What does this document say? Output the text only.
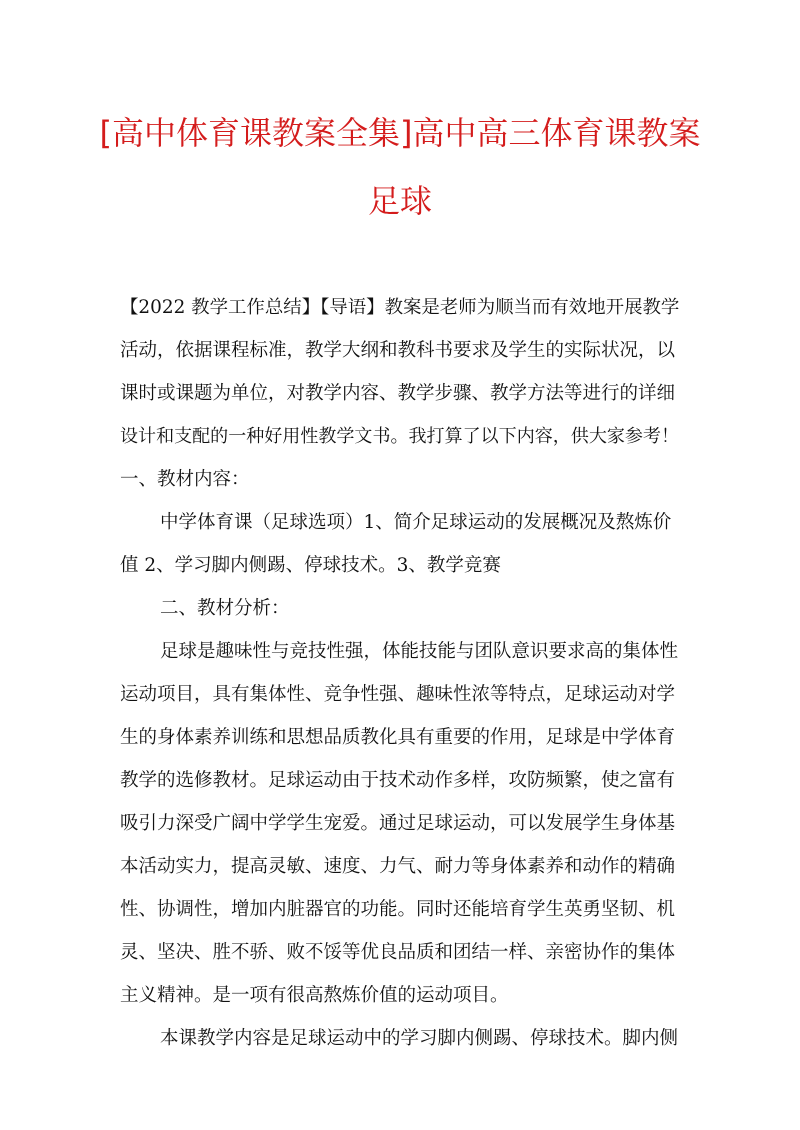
[高中体育课教案全集]高中高三体育课教案
足球
【2022 教学工作总结】【导语】教案是老师为顺当而有效地开展教学
活动，依据课程标准，教学大纲和教科书要求及学生的实际状况，以
课时或课题为单位，对教学内容、教学步骤、教学方法等进行的详细
设计和支配的一种好用性教学文书。我打算了以下内容，供大家参考！
一、教材内容：
中学体育课（足球选项）1、简介足球运动的发展概况及熬炼价
值 2、学习脚内侧踢、停球技术。3、教学竞赛
二、教材分析：
足球是趣味性与竞技性强，体能技能与团队意识要求高的集体性
运动项目，具有集体性、竞争性强、趣味性浓等特点，足球运动对学
生的身体素养训练和思想品质教化具有重要的作用，足球是中学体育
教学的选修教材。足球运动由于技术动作多样，攻防频繁，使之富有
吸引力深受广阔中学学生宠爱。通过足球运动，可以发展学生身体基
本活动实力，提高灵敏、速度、力气、耐力等身体素养和动作的精确
性、协调性，增加内脏器官的功能。同时还能培育学生英勇坚韧、机
灵、坚决、胜不骄、败不馁等优良品质和团结一样、亲密协作的集体
主义精神。是一项有很高熬炼价值的运动项目。
本课教学内容是足球运动中的学习脚内侧踢、停球技术。脚内侧
